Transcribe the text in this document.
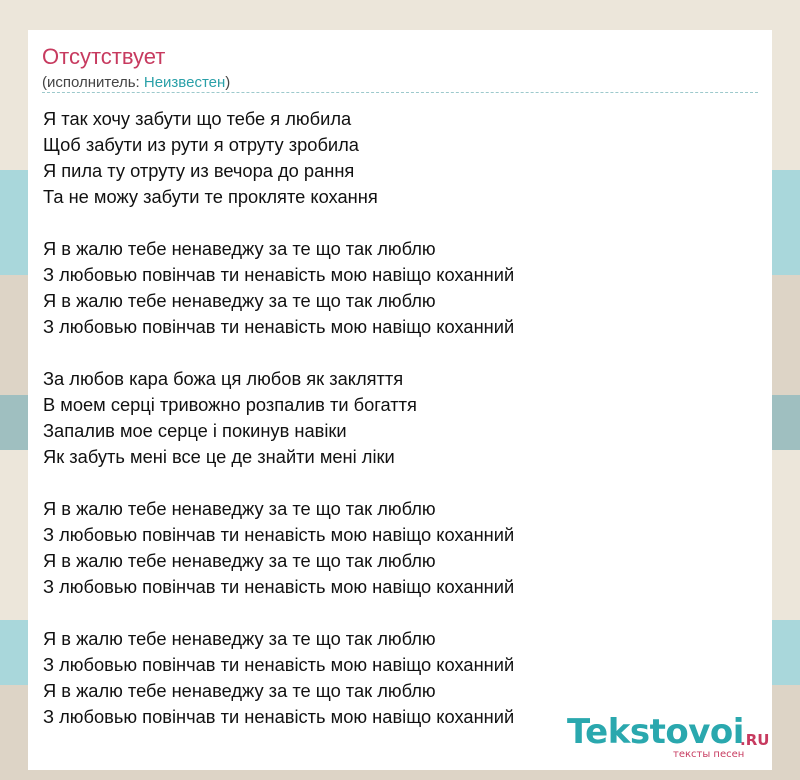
Отсутствует
(исполнитель: Неизвестен)
Я так хочу забути що тебе я любила
Щоб забути из рути я отруту зробила
Я пила ту отруту из вечора до рання
Та не можу забути те прокляте кохання
Я в жалю тебе ненаведжу за те що так люблю
З любовью повінчав ти ненавість мою навіщо коханний
Я в жалю тебе ненаведжу за те що так люблю
З любовью повінчав ти ненавість мою навіщо коханний
За любов кара божа ця любов як закляття
В моем серці тривожно розпалив ти богаття
Запалив мое серце і покинув навіки
Як забуть мені все це де знайти мені ліки
Я в жалю тебе ненаведжу за те що так люблю
З любовью повінчав ти ненавість мою навіщо коханний
Я в жалю тебе ненаведжу за те що так люблю
З любовью повінчав ти ненавість мою навіщо коханний
Я в жалю тебе ненаведжу за те що так люблю
З любовью повінчав ти ненавість мою навіщо коханний
Я в жалю тебе ненаведжу за те що так люблю
З любовью повінчав ти ненавість мою навіщо коханний Tekstovoi
.RU
тексты песен
